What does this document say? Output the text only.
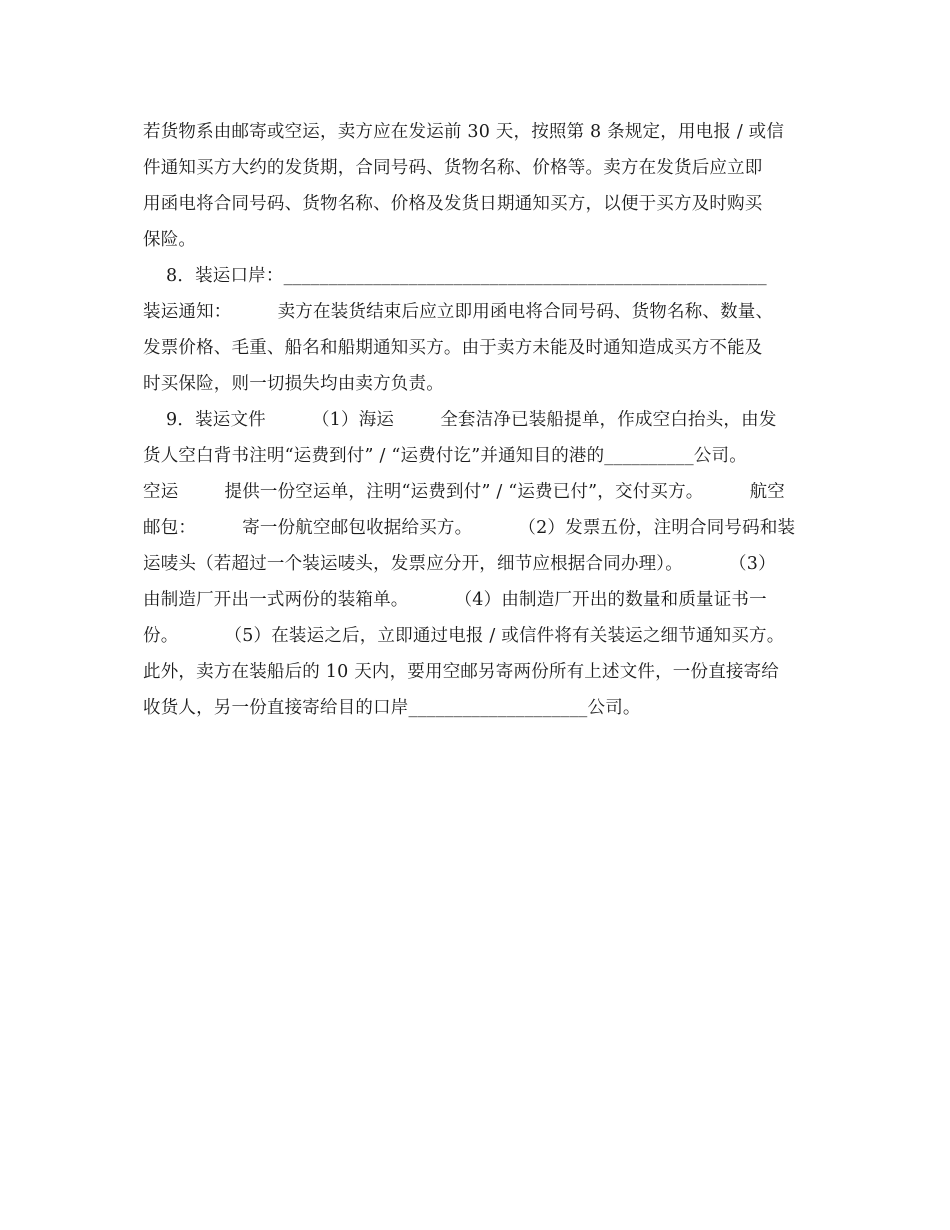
若货物系由邮寄或空运，卖方应在发运前 30 天，按照第 8 条规定，用电报 / 或信
件通知买方大约的发货期，合同号码、货物名称、价格等。卖方在发货后应立即
用函电将合同号码、货物名称、价格及发货日期通知买方，以便于买方及时购买
保险。
8．装运口岸：______________________________________________________
装运通知：        卖方在装货结束后应立即用函电将合同号码、货物名称、数量、
发票价格、毛重、船名和船期通知买方。由于卖方未能及时通知造成买方不能及
时买保险，则一切损失均由卖方负责。
9．装运文件        （1）海运        全套洁净已装船提单，作成空白抬头，由发
货人空白背书注明“运费到付” / “运费付讫”并通知目的港的__________公司。
空运        提供一份空运单，注明“运费到付” / “运费已付”，交付买方。        航空
邮包：        寄一份航空邮包收据给买方。        （2）发票五份，注明合同号码和装
运唛头（若超过一个装运唛头，发票应分开，细节应根据合同办理）。        （3）
由制造厂开出一式两份的装箱单。        （4）由制造厂开出的数量和质量证书一
份。        （5）在装运之后，立即通过电报 / 或信件将有关装运之细节通知买方。
此外，卖方在装船后的 10 天内，要用空邮另寄两份所有上述文件，一份直接寄给
收货人，另一份直接寄给目的口岸____________________公司。
